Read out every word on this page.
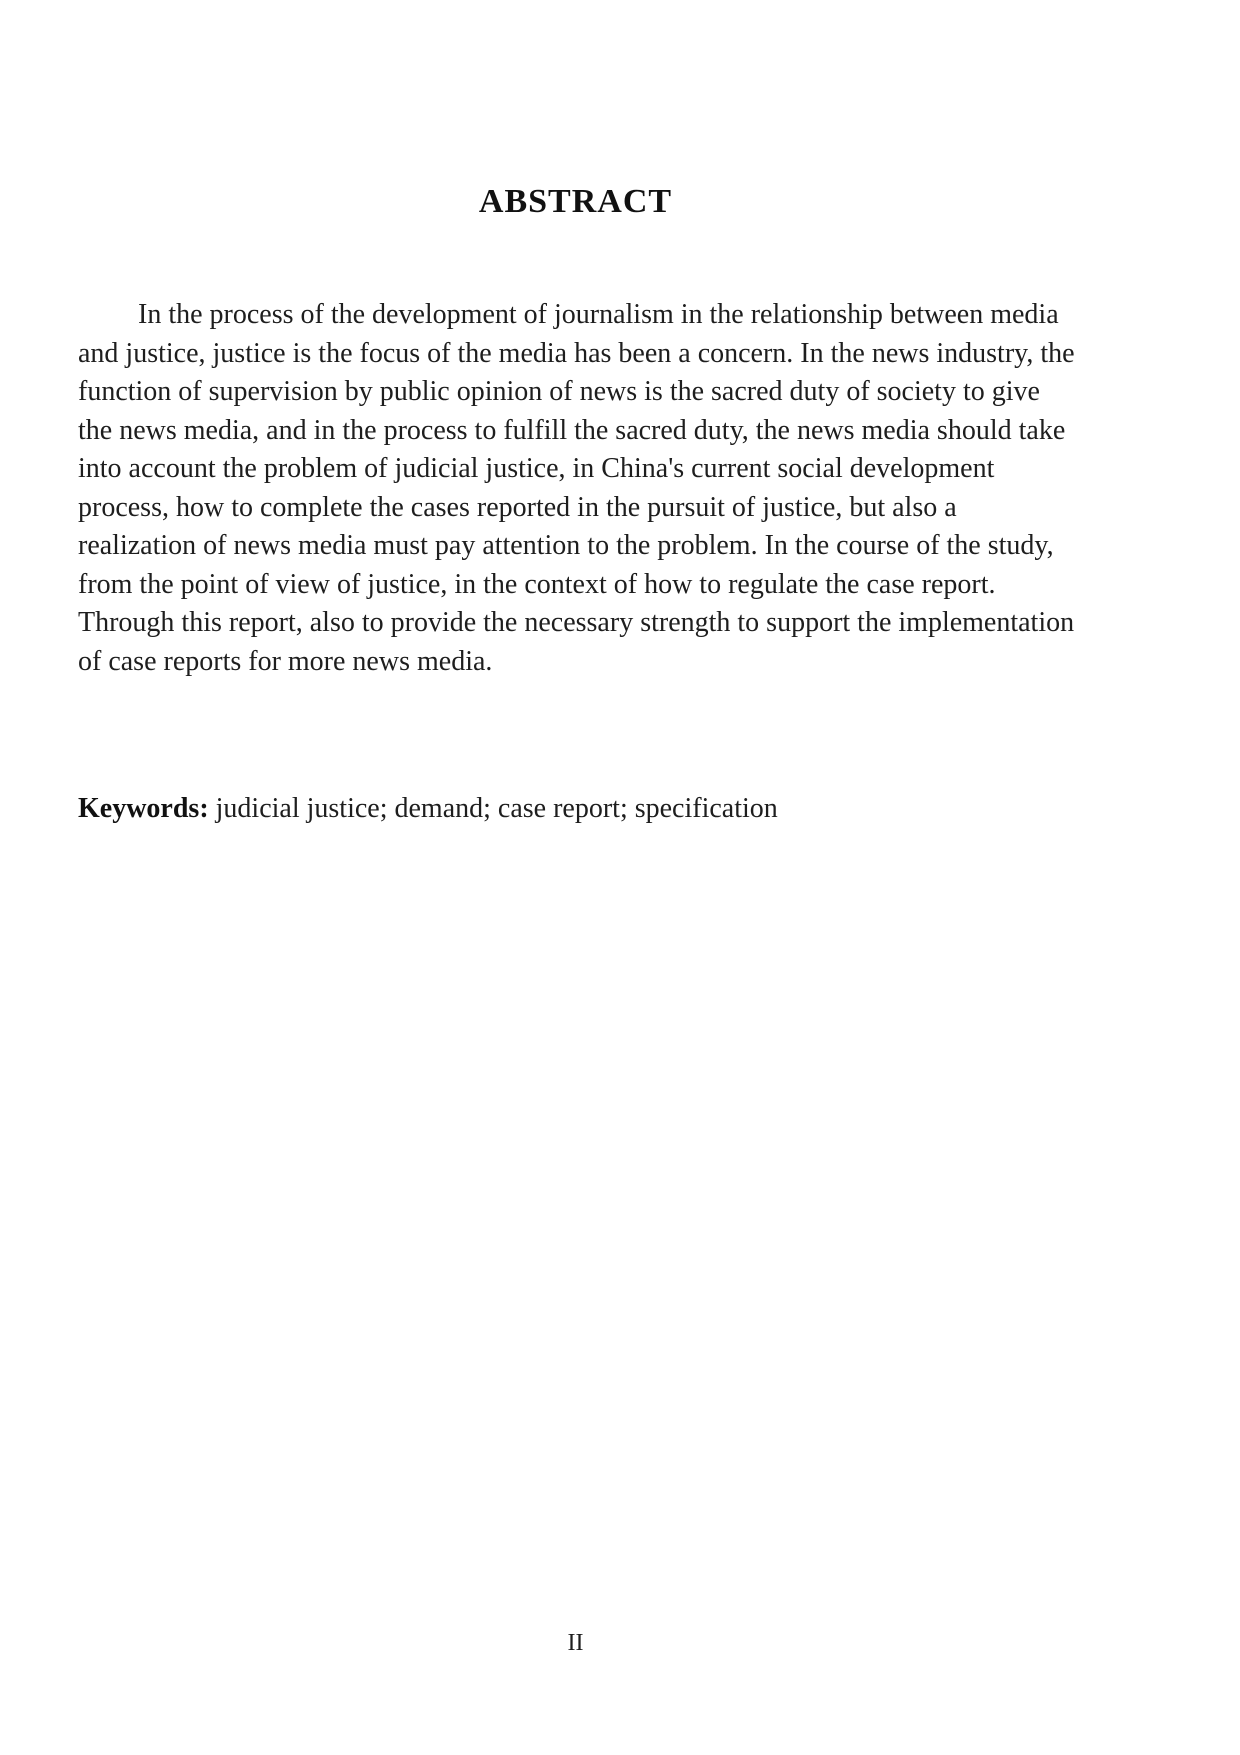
ABSTRACT

In the process of the development of journalism in the relationship between media and justice, justice is the focus of the media has been a concern. In the news industry, the function of supervision by public opinion of news is the sacred duty of society to give the news media, and in the process to fulfill the sacred duty, the news media should take into account the problem of judicial justice, in China's current social development process, how to complete the cases reported in the pursuit of justice, but also a realization of news media must pay attention to the problem. In the course of the study, from the point of view of justice, in the context of how to regulate the case report. Through this report, also to provide the necessary strength to support the implementation of case reports for more news media.

Keywords: judicial justice; demand; case report; specification

II
